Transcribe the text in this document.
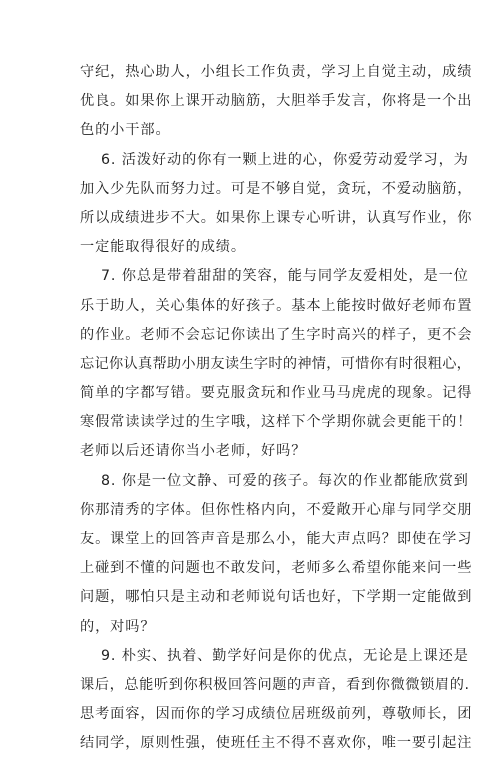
守纪，热心助人，小组长工作负责，学习上自觉主动，成绩
优良。如果你上课开动脑筋，大胆举手发言，你将是一个出
色的小干部。
6. 活泼好动的你有一颗上进的心，你爱劳动爱学习，为
加入少先队而努力过。可是不够自觉，贪玩，不爱动脑筋，
所以成绩进步不大。如果你上课专心听讲，认真写作业，你
一定能取得很好的成绩。
7. 你总是带着甜甜的笑容，能与同学友爱相处，是一位
乐于助人，关心集体的好孩子。基本上能按时做好老师布置
的作业。老师不会忘记你读出了生字时高兴的样子，更不会
忘记你认真帮助小朋友读生字时的神情，可惜你有时很粗心，
简单的字都写错。要克服贪玩和作业马马虎虎的现象。记得
寒假常读读学过的生字哦，这样下个学期你就会更能干的！
老师以后还请你当小老师，好吗？
8. 你是一位文静、可爱的孩子。每次的作业都能欣赏到
你那清秀的字体。但你性格内向，不爱敞开心扉与同学交朋
友。课堂上的回答声音是那么小，能大声点吗？即使在学习
上碰到不懂的问题也不敢发问，老师多么希望你能来问一些
问题，哪怕只是主动和老师说句话也好，下学期一定能做到
的，对吗？
9. 朴实、执着、勤学好问是你的优点，无论是上课还是
课后，总能听到你积极回答问题的声音，看到你微微锁眉的.
思考面容，因而你的学习成绩位居班级前列，尊敬师长，团
结同学，原则性强，使班任主不得不喜欢你，唯一要引起注
